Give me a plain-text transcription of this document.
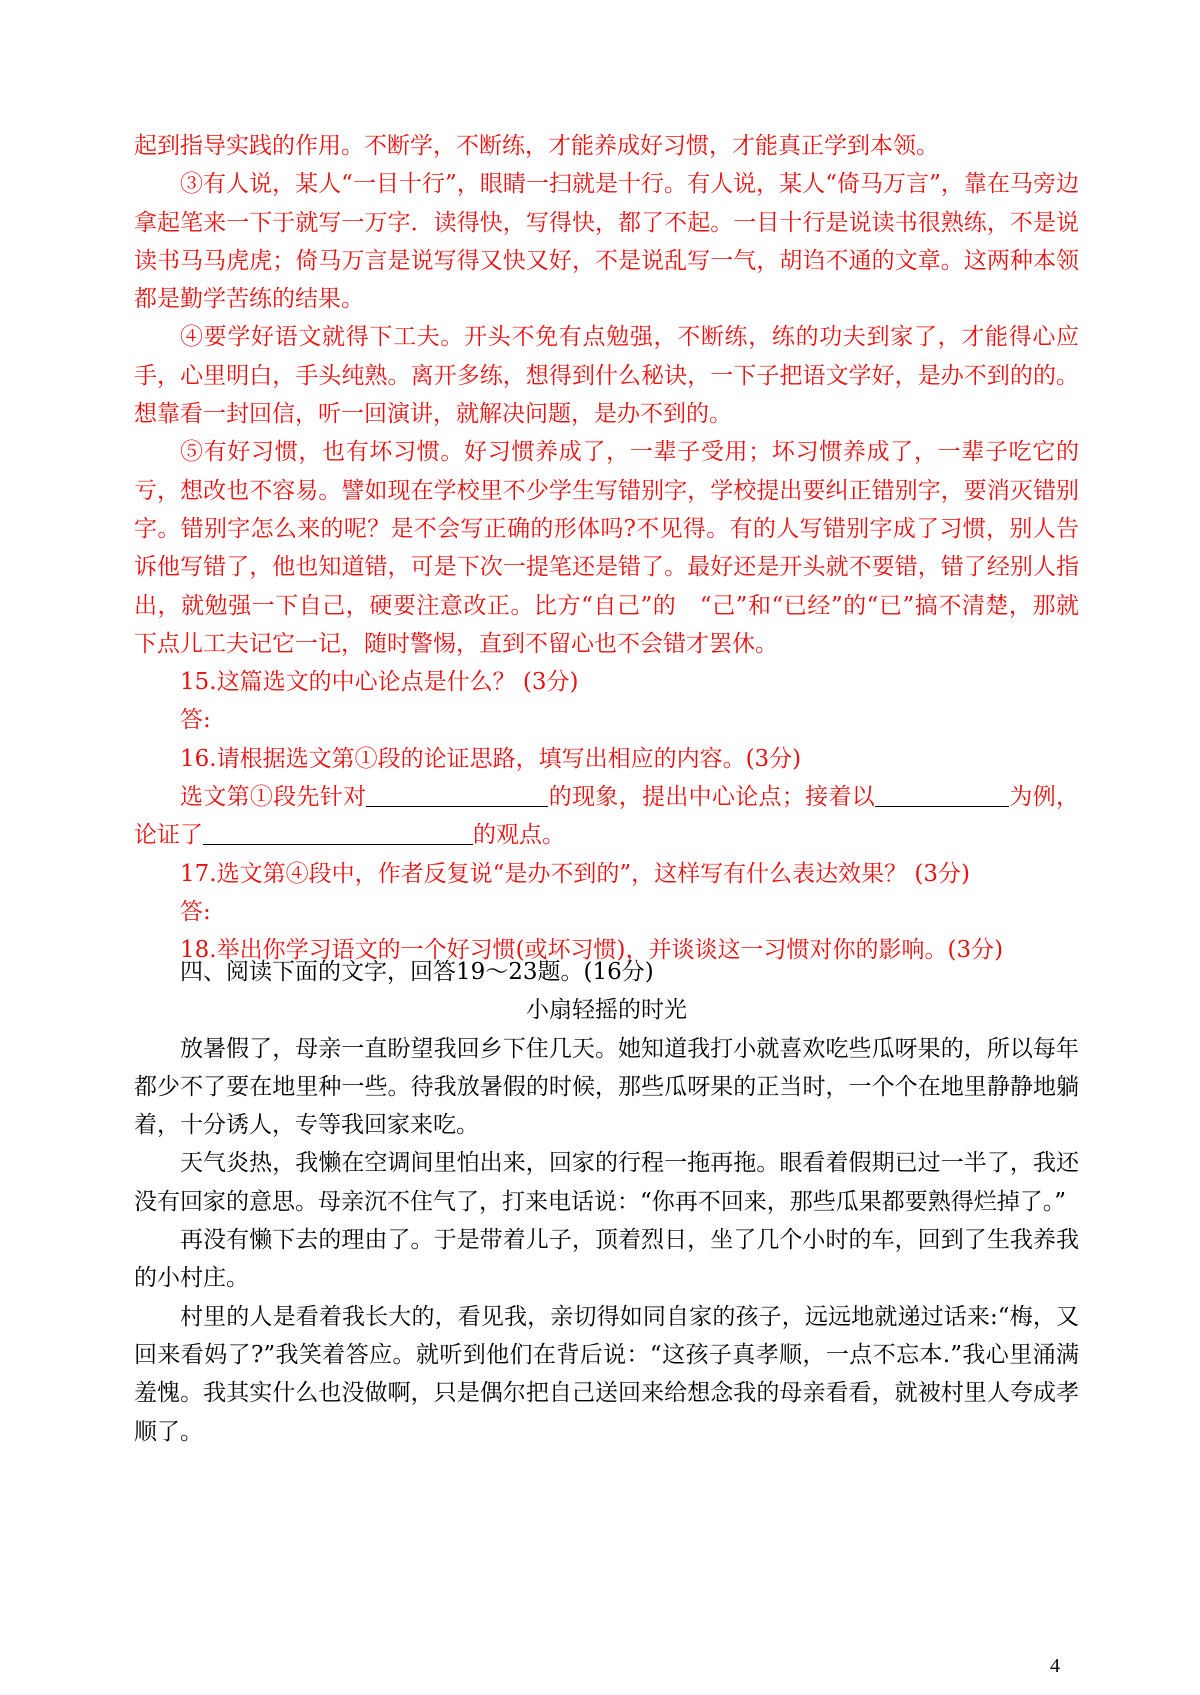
起到指导实践的作用。不断学，不断练，才能养成好习惯，才能真正学到本领。

③有人说，某人“一目十行”，眼睛一扫就是十行。有人说，某人“倚马万言”，靠在马旁边拿起笔来一下于就写一万字．读得快，写得快，都了不起。一目十行是说读书很熟练，不是说读书马马虎虎；倚马万言是说写得又快又好，不是说乱写一气，胡诌不通的文章。这两种本领都是勤学苦练的结果。

④要学好语文就得下工夫。开头不免有点勉强，不断练，练的功夫到家了，才能得心应手，心里明白，手头纯熟。离开多练，想得到什么秘诀，一下子把语文学好，是办不到的的。想靠看一封回信，听一回演讲，就解决问题，是办不到的。

⑤有好习惯，也有坏习惯。好习惯养成了，一辈子受用；坏习惯养成了，一辈子吃它的亏，想改也不容易。譬如现在学校里不少学生写错别字，学校提出要纠正错别字，要消灭错别字。错别字怎么来的呢？是不会写正确的形体吗?不见得。有的人写错别字成了习惯，别人告诉他写错了，他也知道错，可是下次一提笔还是错了。最好还是开头就不要错，错了经别人指出，就勉强一下自己，硬要注意改正。比方“自己”的　“己”和“已经”的“已”搞不清楚，那就下点儿工夫记它一记，随时警惕，直到不留心也不会错才罢休。

15.这篇选文的中心论点是什么？ (3分)

答:

16.请根据选文第①段的论证思路，填写出相应的内容。(3分)

选文第①段先针对	的现象，提出中心论点；接着以	为例，论证了	的观点。

17.选文第④段中，作者反复说“是办不到的”，这样写有什么表达效果？ (3分)

答:

18.举出你学习语文的一个好习惯(或坏习惯)，并谈谈这一习惯对你的影响。(3分)

四、阅读下面的文字，回答19～23题。(16分)

小扇轻摇的时光

放暑假了，母亲一直盼望我回乡下住几天。她知道我打小就喜欢吃些瓜呀果的，所以每年都少不了要在地里种一些。待我放暑假的时候，那些瓜呀果的正当时，一个个在地里静静地躺着，十分诱人，专等我回家来吃。

天气炎热，我懒在空调间里怕出来，回家的行程一拖再拖。眼看着假期已过一半了，我还没有回家的意思。母亲沉不住气了，打来电话说：“你再不回来，那些瓜果都要熟得烂掉了。”

再没有懒下去的理由了。于是带着儿子，顶着烈日，坐了几个小时的车，回到了生我养我的小村庄。

村里的人是看着我长大的，看见我，亲切得如同自家的孩子，远远地就递过话来:“梅，又回来看妈了?”我笑着答应。就听到他们在背后说：“这孩子真孝顺，一点不忘本.”我心里涌满羞愧。我其实什么也没做啊，只是偶尔把自己送回来给想念我的母亲看看，就被村里人夸成孝顺了。

4
